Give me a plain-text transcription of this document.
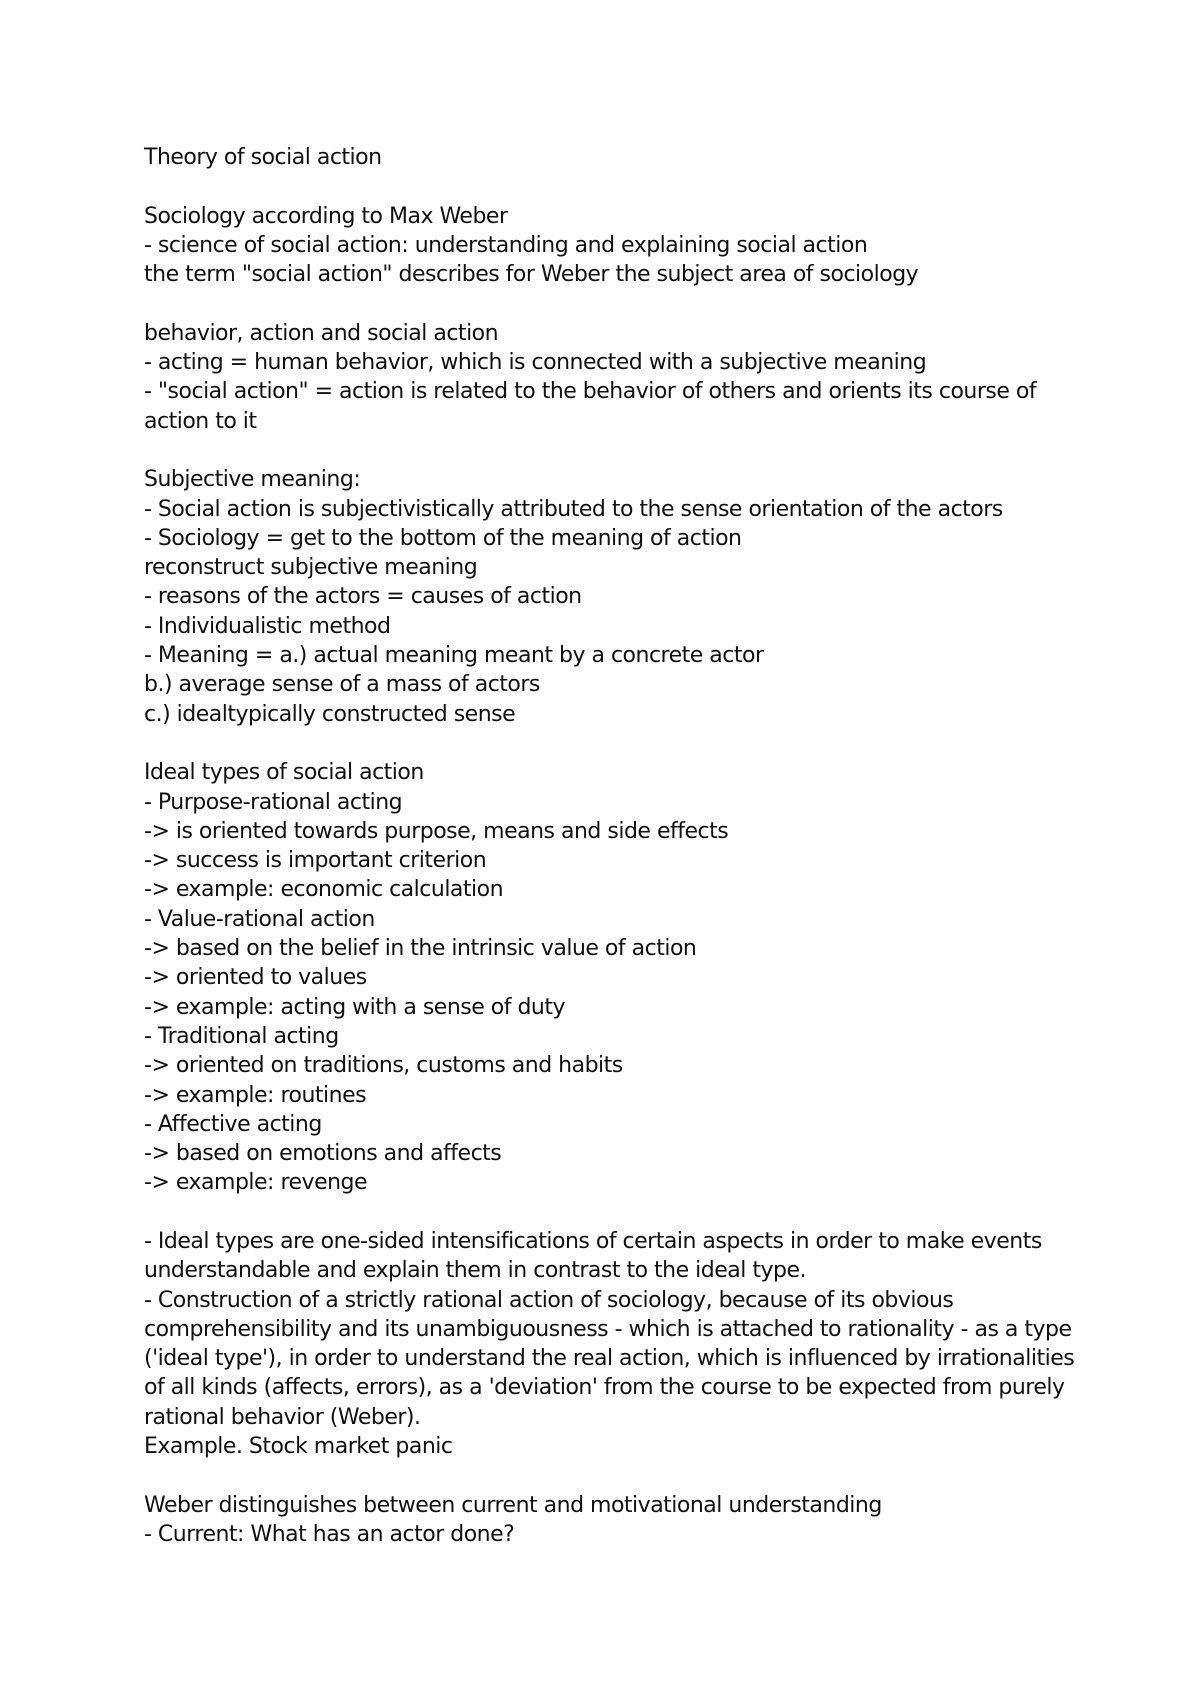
Theory of social action
Sociology according to Max Weber
- science of social action: understanding and explaining social action
the term "social action" describes for Weber the subject area of sociology
behavior, action and social action
- acting = human behavior, which is connected with a subjective meaning
- "social action" = action is related to the behavior of others and orients its course of action to it
Subjective meaning:
- Social action is subjectivistically attributed to the sense orientation of the actors
- Sociology = get to the bottom of the meaning of action
reconstruct subjective meaning
- reasons of the actors = causes of action
- Individualistic method
- Meaning = a.) actual meaning meant by a concrete actor
b.) average sense of a mass of actors
c.) idealtypically constructed sense
Ideal types of social action
- Purpose-rational acting
-> is oriented towards purpose, means and side effects
-> success is important criterion
-> example: economic calculation
- Value-rational action
-> based on the belief in the intrinsic value of action
-> oriented to values
-> example: acting with a sense of duty
- Traditional acting
-> oriented on traditions, customs and habits
-> example: routines
- Affective acting
-> based on emotions and affects
-> example: revenge
- Ideal types are one-sided intensifications of certain aspects in order to make events understandable and explain them in contrast to the ideal type.
- Construction of a strictly rational action of sociology, because of its obvious comprehensibility and its unambiguousness - which is attached to rationality - as a type ('ideal type'), in order to understand the real action, which is influenced by irrationalities of all kinds (affects, errors), as a 'deviation' from the course to be expected from purely rational behavior (Weber).
Example. Stock market panic
Weber distinguishes between current and motivational understanding
- Current: What has an actor done?
